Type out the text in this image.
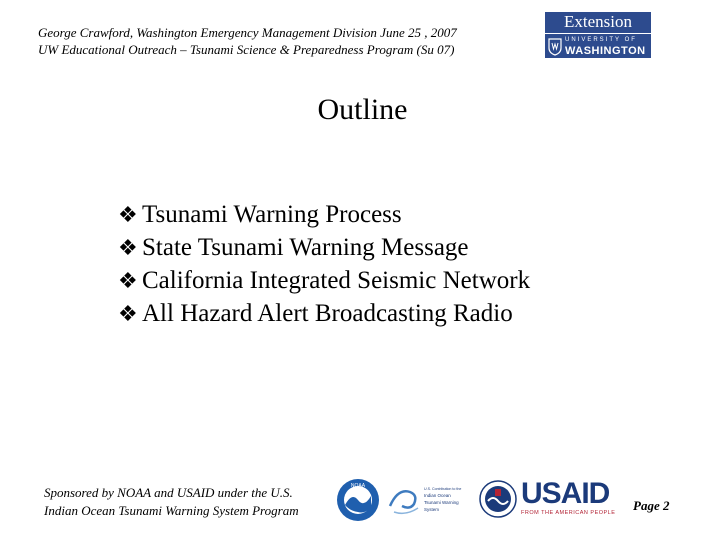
George Crawford, Washington Emergency Management Division June 25 , 2007
UW Educational Outreach – Tsunami Science & Preparedness Program (Su 07)
Extension
UNIVERSITY OF
WASHINGTON
Outline
❖ Tsunami Warning Process
❖ State Tsunami Warning Message
❖ California Integrated Seismic Network
❖ All Hazard Alert Broadcasting Radio
Sponsored by NOAA and USAID under the U.S.
Indian Ocean Tsunami Warning System Program
NOAA	U.S. Contribution to the
Indian Ocean
Tsunami Warning
System	USAID
FROM THE AMERICAN PEOPLE Page 2
